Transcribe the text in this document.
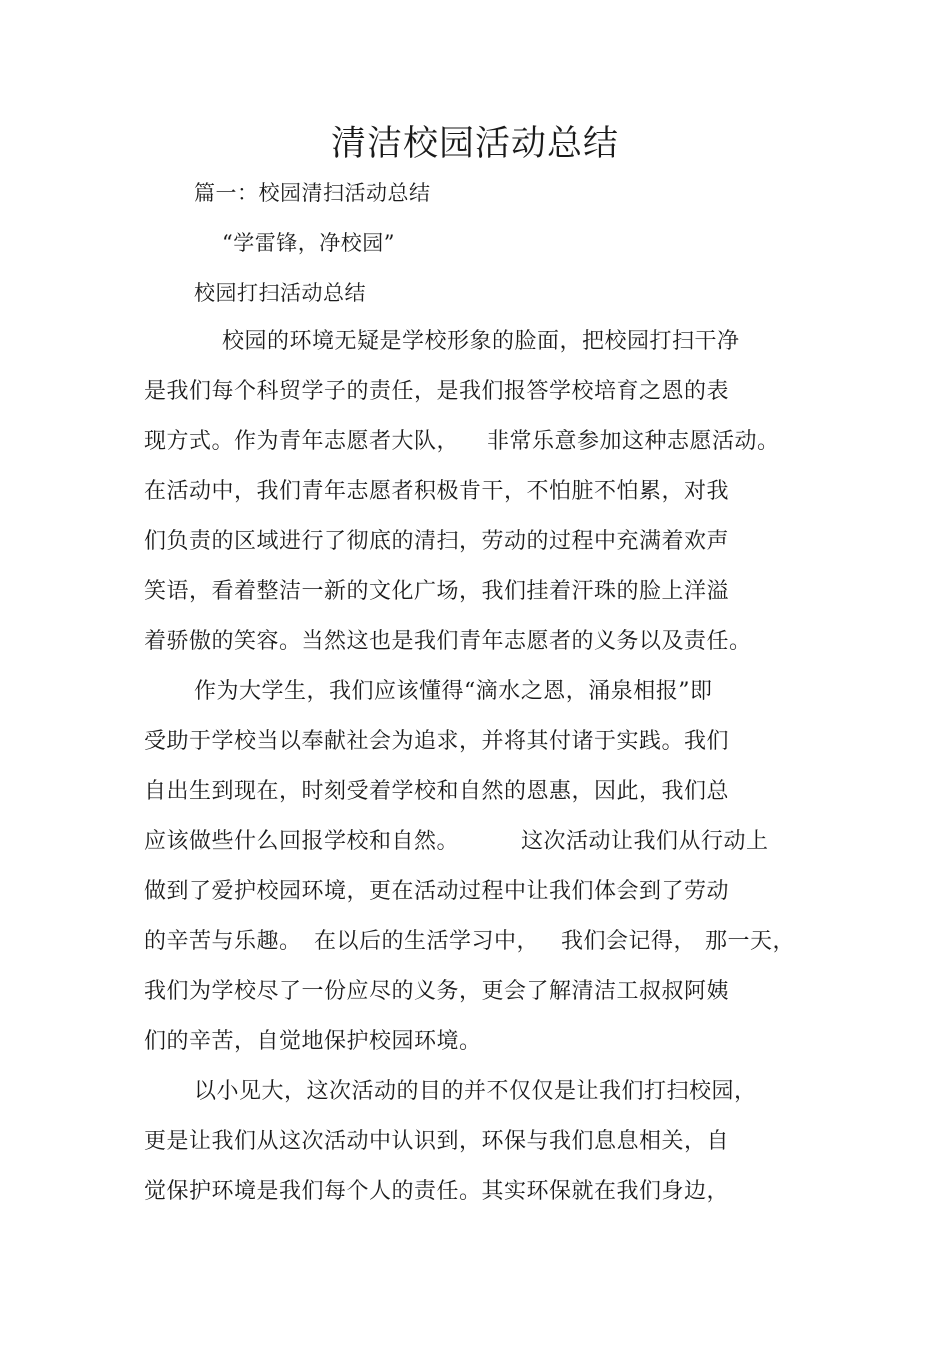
清洁校园活动总结
篇一：校园清扫活动总结
“学雷锋，净校园”
校园打扫活动总结
校园的环境无疑是学校形象的脸面，把校园打扫干净
是我们每个科贸学子的责任，是我们报答学校培育之恩的表
现方式。作为青年志愿者大队， 非常乐意参加这种志愿活动。
在活动中，我们青年志愿者积极肯干，不怕脏不怕累，对我
们负责的区域进行了彻底的清扫，劳动的过程中充满着欢声
笑语，看着整洁一新的文化广场，我们挂着汗珠的脸上洋溢
着骄傲的笑容。当然这也是我们青年志愿者的义务以及责任。
作为大学生，我们应该懂得“滴水之恩，涌泉相报”即
受助于学校当以奉献社会为追求，并将其付诸于实践。我们
自出生到现在，时刻受着学校和自然的恩惠，因此，我们总
应该做些什么回报学校和自然。	这次活动让我们从行动上
做到了爱护校园环境，更在活动过程中让我们体会到了劳动
的辛苦与乐趣。 在以后的生活学习中， 我们会记得， 那一天，
我们为学校尽了一份应尽的义务，更会了解清洁工叔叔阿姨
们的辛苦，自觉地保护校园环境。
以小见大，这次活动的目的并不仅仅是让我们打扫校园，
更是让我们从这次活动中认识到，环保与我们息息相关，自
觉保护环境是我们每个人的责任。其实环保就在我们身边，
